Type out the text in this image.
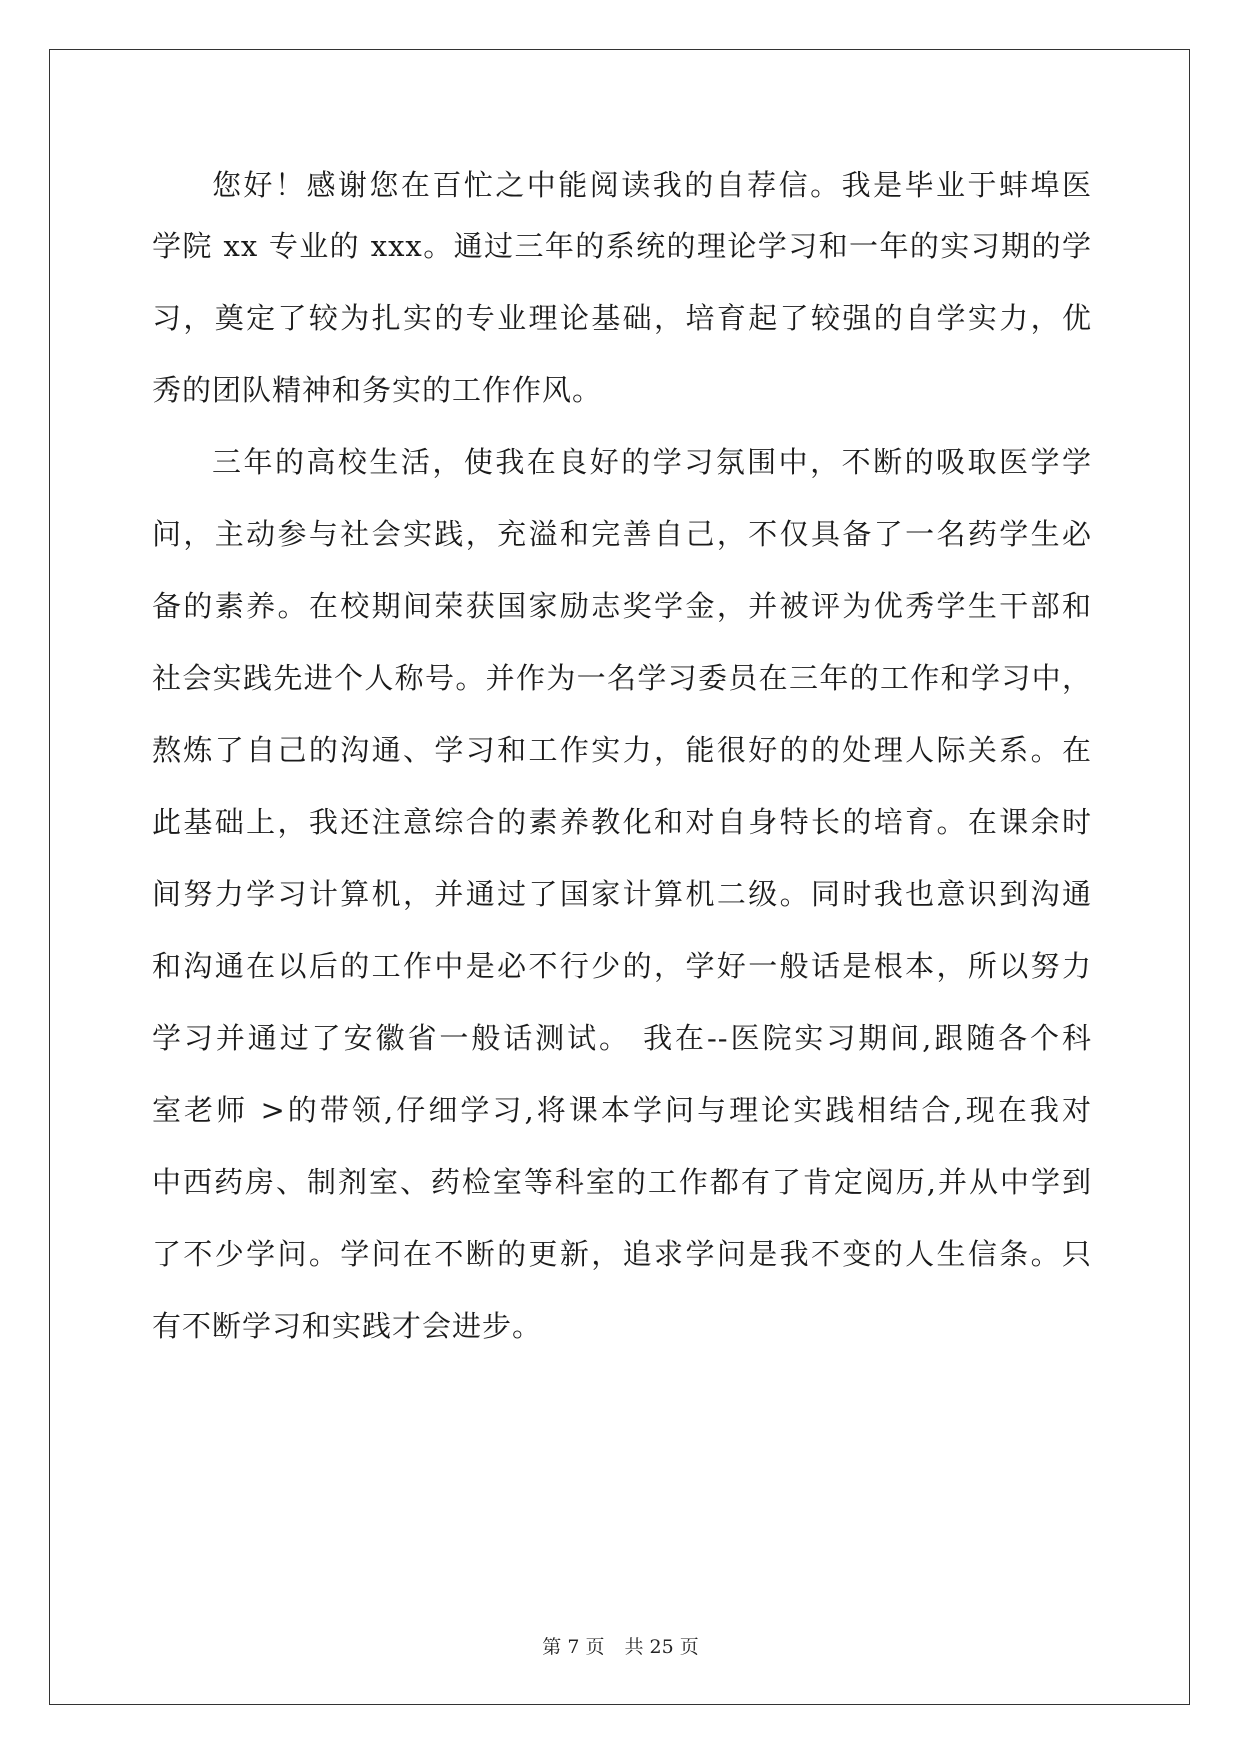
您好！感谢您在百忙之中能阅读我的自荐信。我是毕业于蚌埠医
学院 xx 专业的 xxx。通过三年的系统的理论学习和一年的实习期的学
习，奠定了较为扎实的专业理论基础，培育起了较强的自学实力，优
秀的团队精神和务实的工作作风。
三年的高校生活，使我在良好的学习氛围中，不断的吸取医学学
问，主动参与社会实践，充溢和完善自己，不仅具备了一名药学生必
备的素养。在校期间荣获国家励志奖学金，并被评为优秀学生干部和
社会实践先进个人称号。并作为一名学习委员在三年的工作和学习中，
熬炼了自己的沟通、学习和工作实力，能很好的的处理人际关系。在
此基础上，我还注意综合的素养教化和对自身特长的培育。在课余时
间努力学习计算机，并通过了国家计算机二级。同时我也意识到沟通
和沟通在以后的工作中是必不行少的，学好一般话是根本，所以努力
学习并通过了安徽省一般话测试。 我在--医院实习期间,跟随各个科
室老师 >的带领,仔细学习,将课本学问与理论实践相结合,现在我对
中西药房、制剂室、药检室等科室的工作都有了肯定阅历,并从中学到
了不少学问。学问在不断的更新，追求学问是我不变的人生信条。只
有不断学习和实践才会进步。
第 7 页 共 25 页
